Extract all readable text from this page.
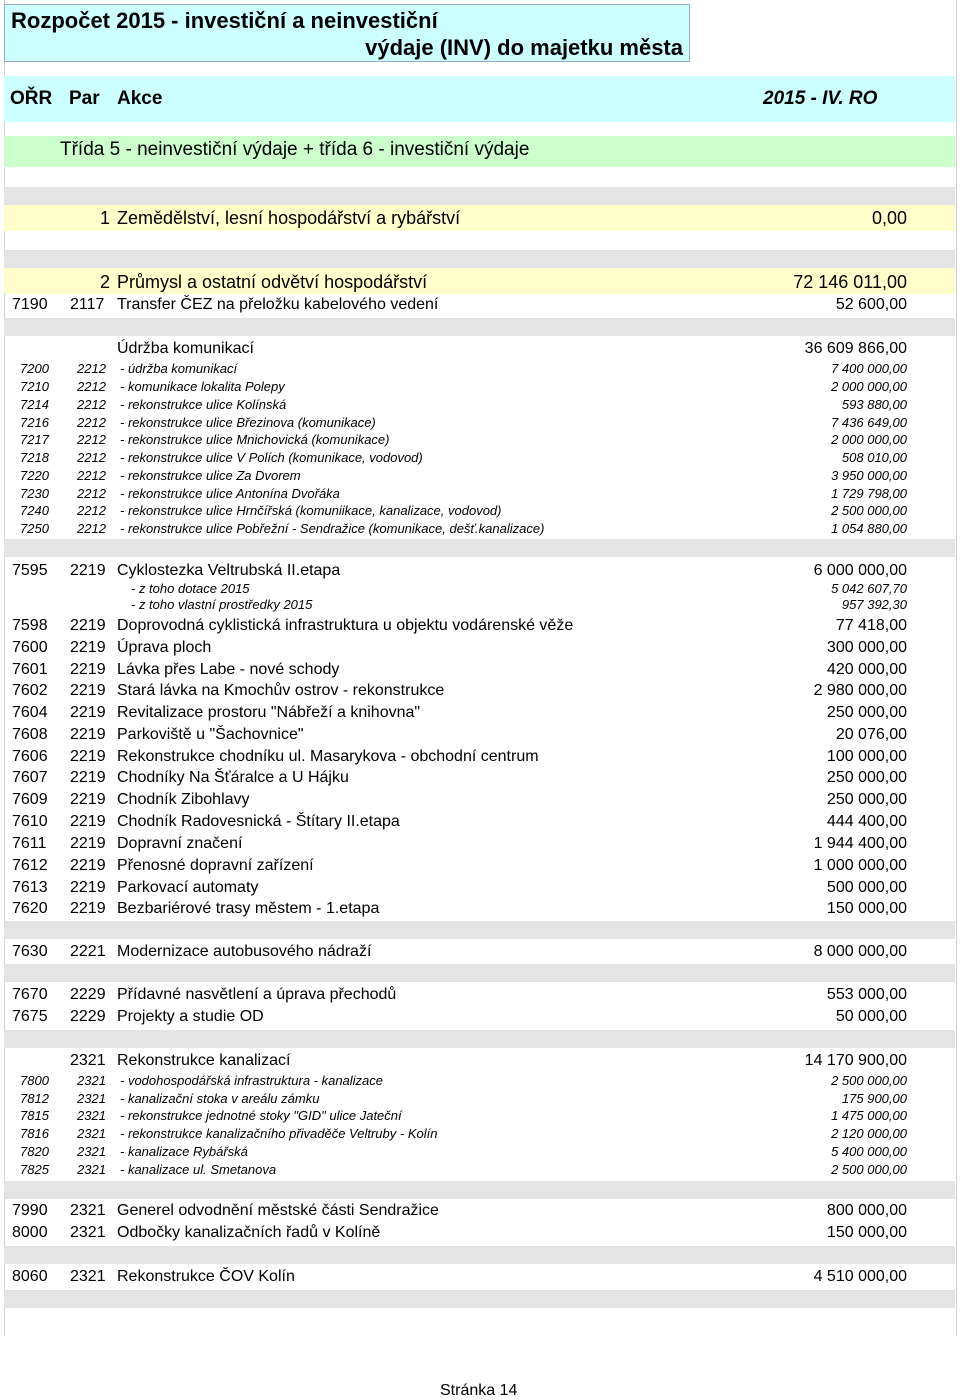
Rozpočet 2015 - investiční a neinvestiční
výdaje (INV) do majetku města
OŘR Par Akce	2015 - IV. RO
Třída 5 - neinvestiční výdaje + třída 6 - investiční výdaje
1 Zemědělství, lesní hospodářství a rybářství	0,00
2 Průmysl a ostatní odvětví hospodářství	72 146 011,00
7190 2117 Transfer ČEZ na přeložku kabelového vedení	52 600,00
Údržba komunikací	36 609 866,00
7200 2212 - údržba komunikací	7 400 000,00
7210 2212 - komunikace lokalita Polepy	2 000 000,00
7214 2212 - rekonstrukce ulice Kolínská	593 880,00
7216 2212 - rekonstrukce ulice Březinova (komunikace)	7 436 649,00
7217 2212 - rekonstrukce ulice Mnichovická (komunikace)	2 000 000,00
7218 2212 - rekonstrukce ulice V Polích (komunikace, vodovod)	508 010,00
7220 2212 - rekonstrukce ulice Za Dvorem	3 950 000,00
7230 2212 - rekonstrukce ulice Antonína Dvořáka	1 729 798,00
7240 2212 - rekonstrukce ulice Hrnčířská (komuniikace, kanalizace, vodovod)	2 500 000,00
7250 2212 - rekonstrukce ulice Pobřežní - Sendražice (komunikace, dešť.kanalizace)	1 054 880,00
7595 2219 Cyklostezka Veltrubská II.etapa	6 000 000,00
- z toho dotace 2015	5 042 607,70
- z toho vlastní prostředky 2015	957 392,30
7598 2219 Doprovodná cyklistická infrastruktura u objektu vodárenské věže	77 418,00
7600 2219 Úprava ploch	300 000,00
7601 2219 Lávka přes Labe - nové schody	420 000,00
7602 2219 Stará lávka na Kmochův ostrov - rekonstrukce	2 980 000,00
7604 2219 Revitalizace prostoru "Nábřeží a knihovna"	250 000,00
7608 2219 Parkoviště u "Šachovnice"	20 076,00
7606 2219 Rekonstrukce chodníku ul. Masarykova - obchodní centrum	100 000,00
7607 2219 Chodníky Na Šťáralce a U Hájku	250 000,00
7609 2219 Chodník Zibohlavy	250 000,00
7610 2219 Chodník Radovesnická - Štítary II.etapa	444 400,00
7611 2219 Dopravní značení	1 944 400,00
7612 2219 Přenosné dopravní zařízení	1 000 000,00
7613 2219 Parkovací automaty	500 000,00
7620 2219 Bezbariérové trasy městem - 1.etapa	150 000,00
7630 2221 Modernizace autobusového nádraží	8 000 000,00
7670 2229 Přídavné nasvětlení a úprava přechodů	553 000,00
7675 2229 Projekty a studie OD	50 000,00
2321 Rekonstrukce kanalizací	14 170 900,00
7800 2321 - vodohospodářská infrastruktura - kanalizace	2 500 000,00
7812 2321 - kanalizační stoka v areálu zámku	175 900,00
7815 2321 - rekonstrukce jednotné stoky "GID" ulice Jateční	1 475 000,00
7816 2321 - rekonstrukce kanalizačního přivaděče Veltruby - Kolín	2 120 000,00
7820 2321 - kanalizace Rybářská	5 400 000,00
7825 2321 - kanalizace ul. Smetanova	2 500 000,00
7990 2321 Generel odvodnění městské části Sendražice	800 000,00
8000 2321 Odbočky kanalizačních řadů v Kolíně	150 000,00
8060 2321 Rekonstrukce ČOV Kolín	4 510 000,00
Stránka 14
